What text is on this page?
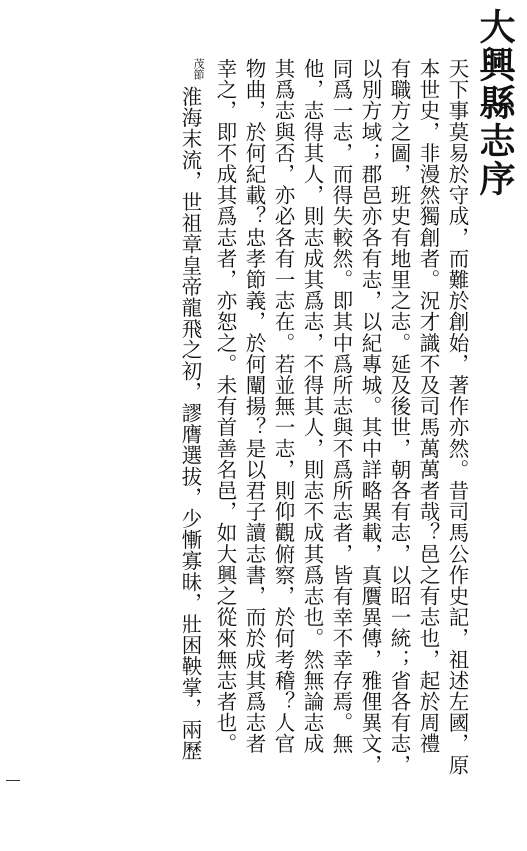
大興縣志序
天下事莫易於守成，而難於創始，著作亦然。昔司馬公作史記，祖述左國，原
本世史，非漫然獨創者。況才識不及司馬萬萬者哉？邑之有志也，起於周禮
有職方之圖，班史有地里之志。延及後世，朝各有志，以昭一統；省各有志，
以別方域；郡邑亦各有志，以紀專城。其中詳略異載，真贋異傳，雅俚異文，
同爲一志，而得失較然。即其中爲所志與不爲所志者，皆有幸不幸存焉。無
他，志得其人，則志成其爲志，不得其人，則志不成其爲志也。然無論志成
其爲志與否，亦必各有一志在。若並無一志，則仰觀俯察，於何考稽？人官
物曲，於何紀載？忠孝節義，於何闡揚？是以君子讀志書，而於成其爲志者
幸之，即不成其爲志者，亦恕之。未有首善名邑，如大興之從來無志者也。
茂節淮海末流，世祖章皇帝龍飛之初，謬膺選拔，少慚寡昧，壯困鞅掌，兩歷
